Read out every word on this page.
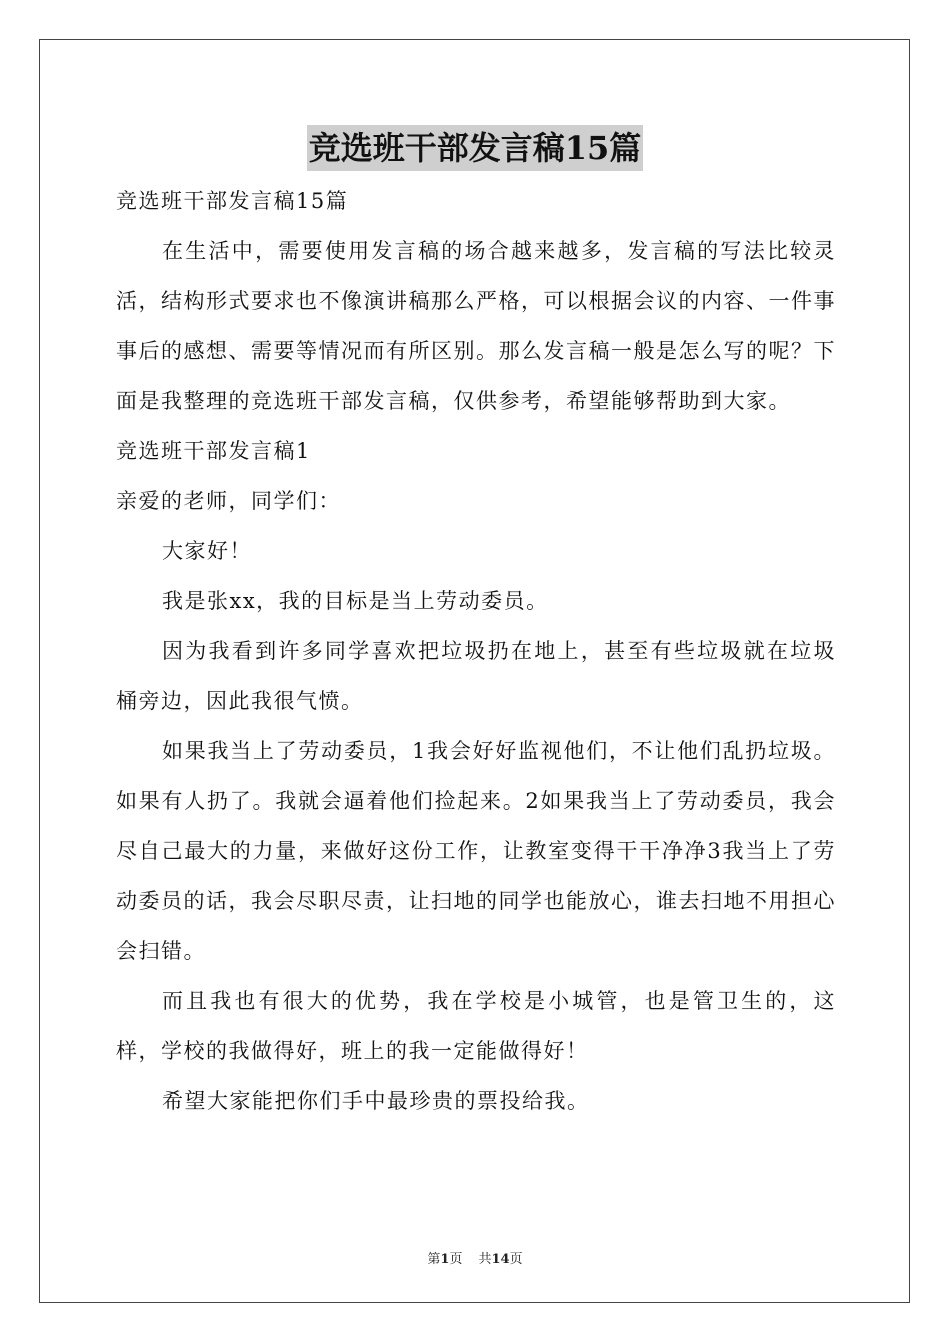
竞选班干部发言稿15篇

竞选班干部发言稿15篇

在生活中，需要使用发言稿的场合越来越多，发言稿的写法比较灵活，结构形式要求也不像演讲稿那么严格，可以根据会议的内容、一件事事后的感想、需要等情况而有所区别。那么发言稿一般是怎么写的呢？下面是我整理的竞选班干部发言稿，仅供参考，希望能够帮助到大家。

竞选班干部发言稿1

亲爱的老师，同学们：

大家好！

我是张xx，我的目标是当上劳动委员。

因为我看到许多同学喜欢把垃圾扔在地上，甚至有些垃圾就在垃圾桶旁边，因此我很气愤。

如果我当上了劳动委员，1我会好好监视他们，不让他们乱扔垃圾。如果有人扔了。我就会逼着他们捡起来。2如果我当上了劳动委员，我会尽自己最大的力量，来做好这份工作，让教室变得干干净净3我当上了劳动委员的话，我会尽职尽责，让扫地的同学也能放心，谁去扫地不用担心会扫错。

而且我也有很大的优势，我在学校是小城管，也是管卫生的，这样，学校的我做得好，班上的我一定能做得好！

希望大家能把你们手中最珍贵的票投给我。

第1页 共14页
